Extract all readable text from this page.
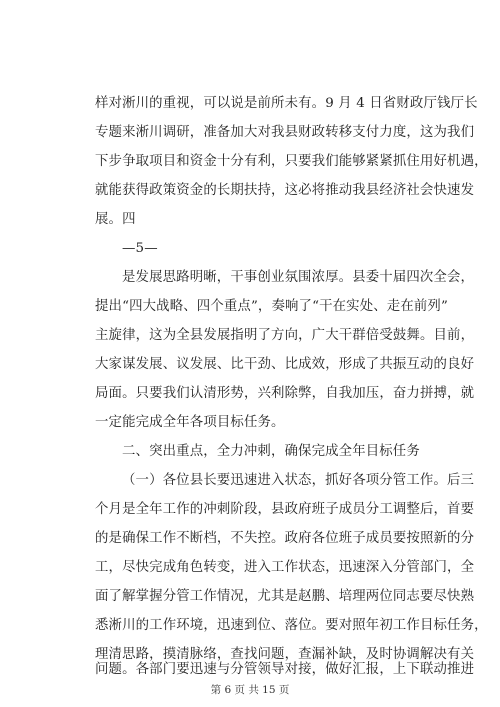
样对淅川的重视，可以说是前所未有。9 月 4 日省财政厅钱厅长
专题来淅川调研，准备加大对我县财政转移支付力度，这为我们
下步争取项目和资金十分有利，只要我们能够紧紧抓住用好机遇，
就能获得政策资金的长期扶持，这必将推动我县经济社会快速发
展。四
—5—
是发展思路明晰，干事创业氛围浓厚。县委十届四次全会，
提出“四大战略、四个重点”，奏响了“干在实处、走在前列”
主旋律，这为全县发展指明了方向，广大干群倍受鼓舞。目前，
大家谋发展、议发展、比干劲、比成效，形成了共振互动的良好
局面。只要我们认清形势，兴利除弊，自我加压，奋力拼搏，就
一定能完成全年各项目标任务。
二、突出重点，全力冲刺，确保完成全年目标任务
（一）各位县长要迅速进入状态，抓好各项分管工作。后三
个月是全年工作的冲刺阶段，县政府班子成员分工调整后，首要
的是确保工作不断档，不失控。政府各位班子成员要按照新的分
工，尽快完成角色转变，进入工作状态，迅速深入分管部门，全
面了解掌握分管工作情况，尤其是赵鹏、培理两位同志要尽快熟
悉淅川的工作环境，迅速到位、落位。要对照年初工作目标任务，
理清思路，摸清脉络，查找问题，查漏补缺，及时协调解决有关
问题。各部门要迅速与分管领导对接，做好汇报，上下联动推进
第 6 页 共 15 页
